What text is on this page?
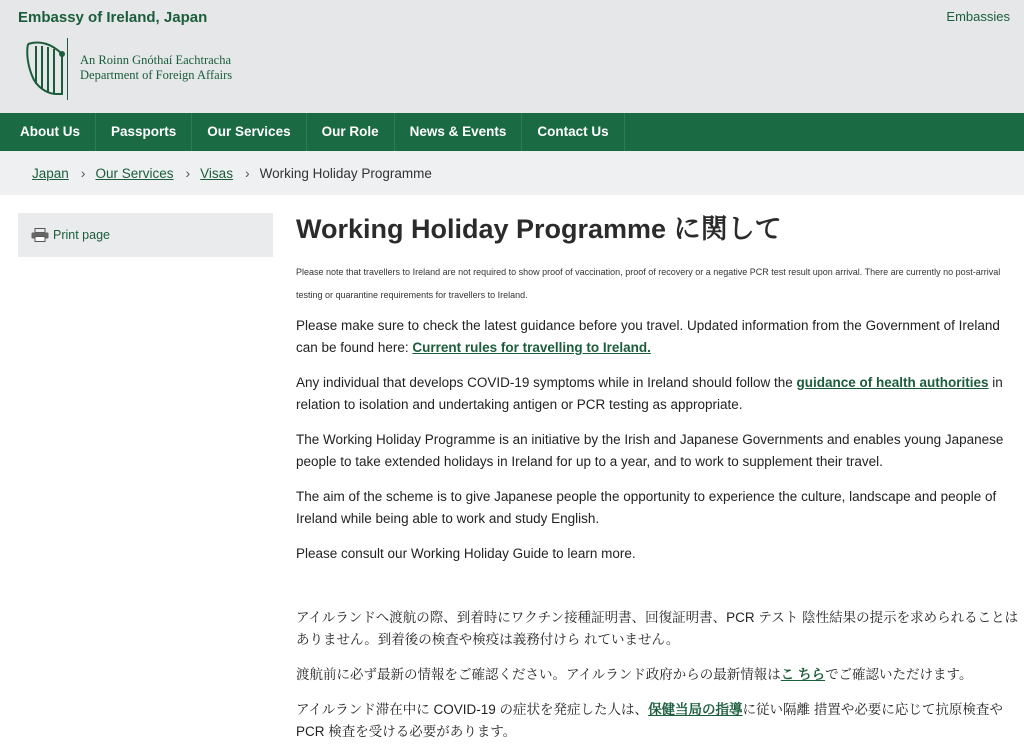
Embassy of Ireland, Japan	Embassies
An Roinn Gnóthaí Eachtracha
Department of Foreign Affairs
About Us	Passports	Our Services	Our Role	News & Events	Contact Us
Japan › Our Services › Visas › Working Holiday Programme
Print page	Working Holiday Programme に関して

Please note that travellers to Ireland are not required to show proof of vaccination, proof of recovery or a negative PCR test result upon arrival. There are currently no post-arrival testing or quarantine requirements for travellers to Ireland.

Please make sure to check the latest guidance before you travel. Updated information from the Government of Ireland can be found here: Current rules for travelling to Ireland.

Any individual that develops COVID-19 symptoms while in Ireland should follow the guidance of health authorities in relation to isolation and undertaking antigen or PCR testing as appropriate.

The Working Holiday Programme is an initiative by the Irish and Japanese Governments and enables young Japanese people to take extended holidays in Ireland for up to a year, and to work to supplement their travel.

The aim of the scheme is to give Japanese people the opportunity to experience the culture, landscape and people of Ireland while being able to work and study English.

Please consult our Working Holiday Guide to learn more.

アイルランドへ渡航の際、到着時にワクチン接種証明書、回復証明書、PCR テスト 陰性結果の提示を求められることはありません。到着後の検査や検疫は義務付けら れていません。

渡航前に必ず最新の情報をご確認ください。アイルランド政府からの最新情報はこ ちらでご確認いただけます。

アイルランド滞在中に COVID-19 の症状を発症した人は、保健当局の指導に従い隔離 措置や必要に応じて抗原検査や PCR 検査を受ける必要があります。
